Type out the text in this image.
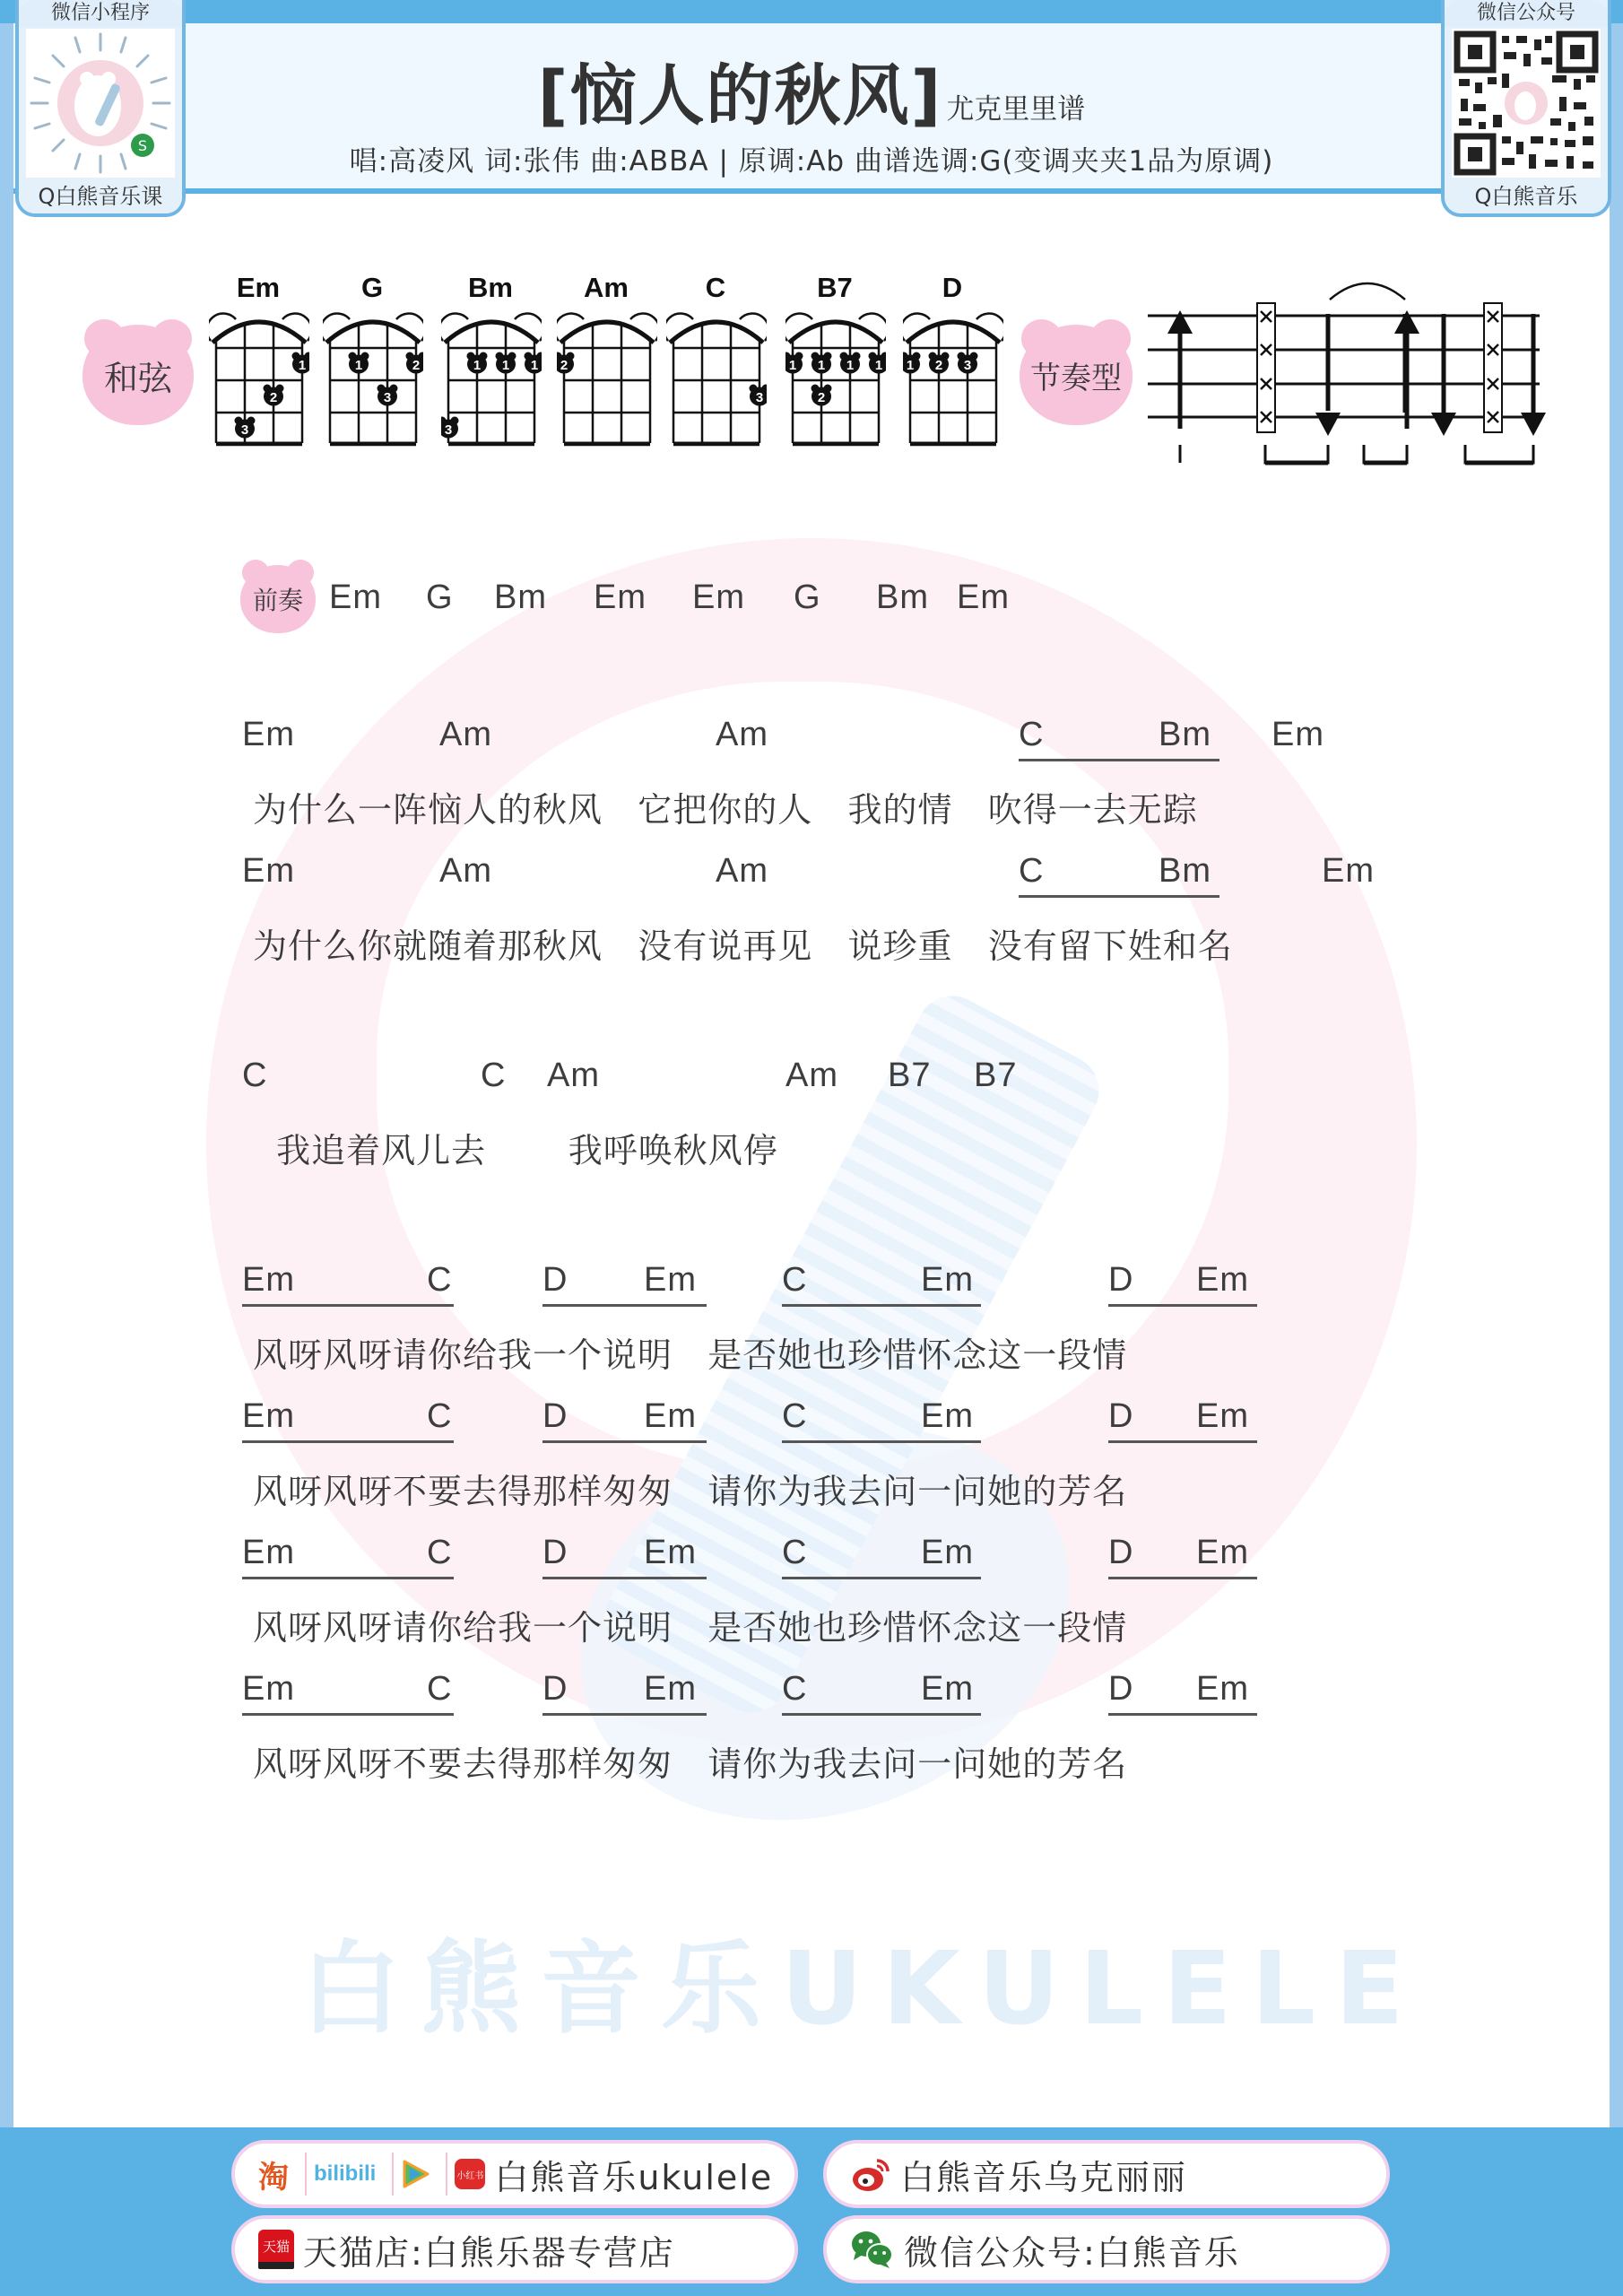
[恼人的秋风] 尤克里里谱
唱:高凌风 词:张伟 曲:ABBA | 原调:Ab 曲谱选调:G(变调夹夹1品为原调)
微信小程序
S
Q白熊音乐课
微信公众号
Q白熊音乐
和弦
Em
1
2
3
G
1	2
3
Bm
1 1 1
3
Am
2
C
3
B7
1 1 1 1
2
D
1 2 3 节奏型
前奏 Em G Bm Em Em G Bm Em
Em	Am	Am	C	Bm Em
为什么一阵恼人的秋风   它把你的人   我的情   吹得一去无踪
Em	Am	Am	C	Bm	Em
为什么你就随着那秋风   没有说再见   说珍重   没有留下姓和名
C	C Am	Am B7 B7
我追着风儿去       我呼唤秋风停
Em	C	D Em	C	Em	D Em
风呀风呀请你给我一个说明   是否她也珍惜怀念这一段情
Em	C	D Em	C	Em	D Em
风呀风呀不要去得那样匆匆   请你为我去问一问她的芳名
Em	C	D Em	C	Em	D Em
风呀风呀请你给我一个说明   是否她也珍惜怀念这一段情
Em	C	D Em	C	Em	D Em
风呀风呀不要去得那样匆匆   请你为我去问一问她的芳名
白熊音乐UKULELE
淘 bilibili	小红书 白熊音乐ukulele	白熊音乐乌克丽丽
天猫 天猫店:白熊乐器专营店	微信公众号:白熊音乐
